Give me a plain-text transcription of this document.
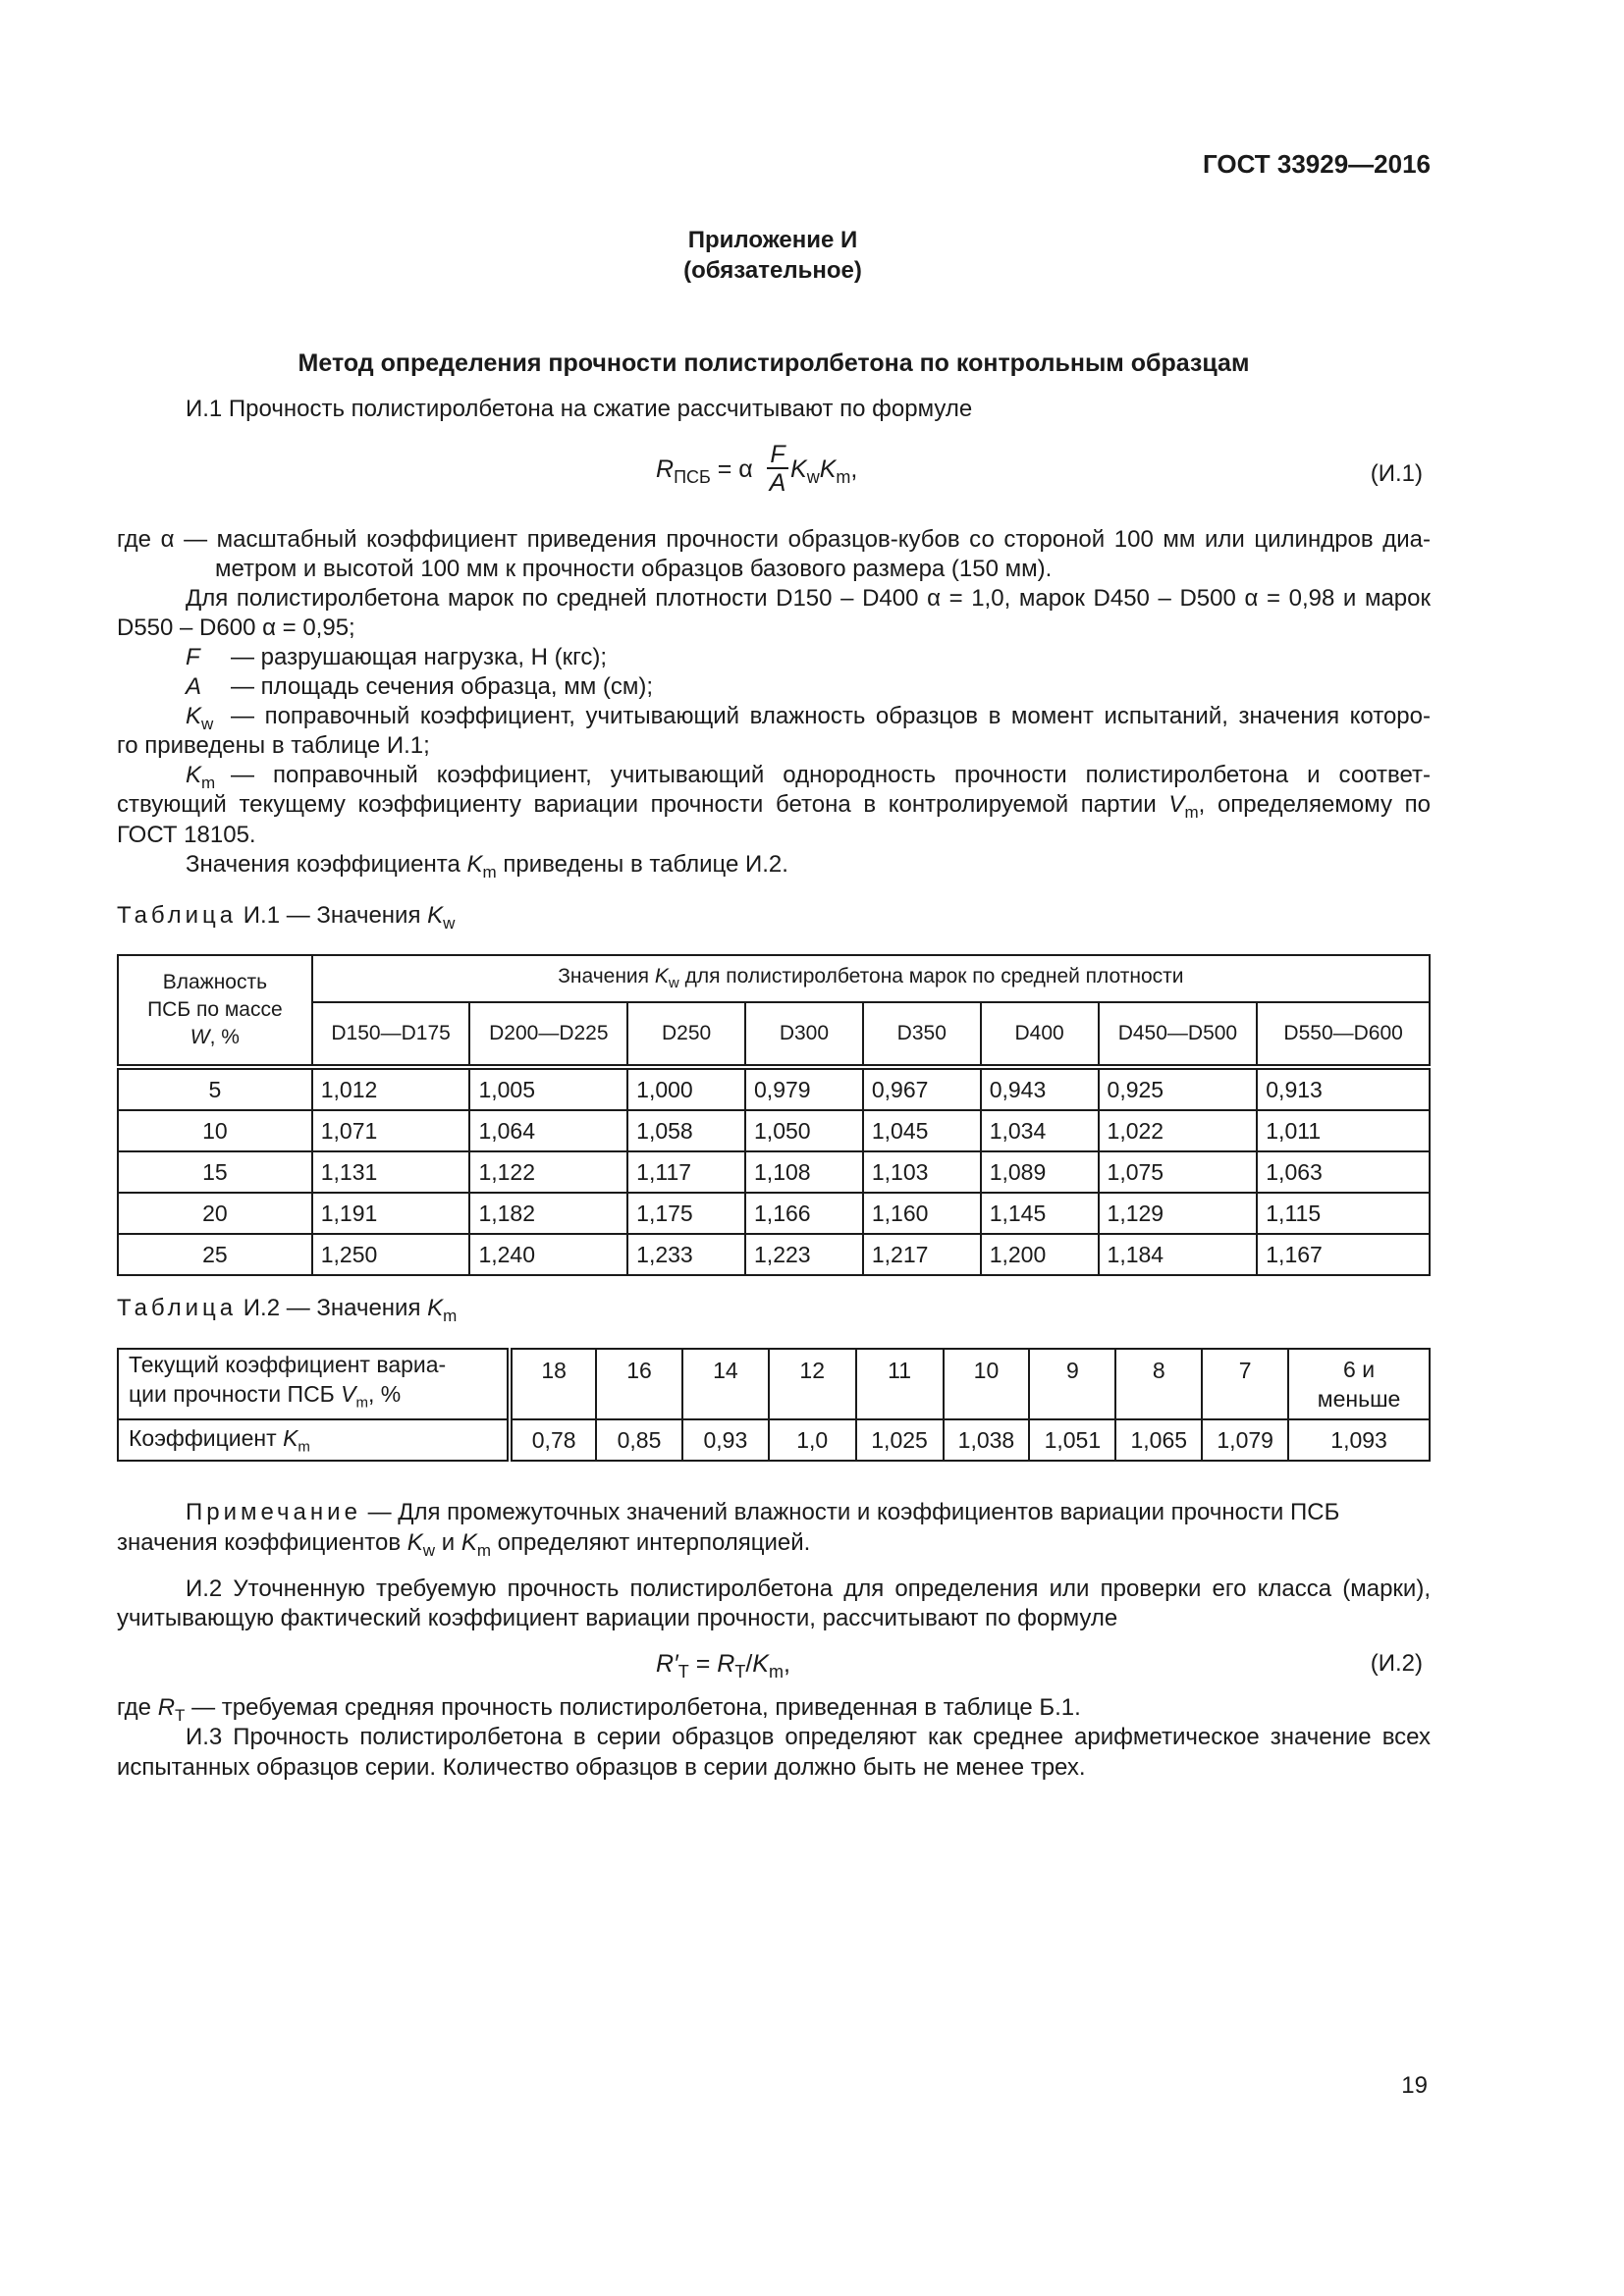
ГОСТ 33929—2016
Приложение И
(обязательное)
Метод определения прочности полистиролбетона по контрольным образцам
И.1 Прочность полистиролбетона на сжатие рассчитывают по формуле
$R_{ПСБ} = \alpha$
F
A $K_wK_m$,	(И.1)
где α — масштабный коэффициент приведения прочности образцов-кубов со стороной 100 мм или цилиндров диа-
метром и высотой 100 мм к прочности образцов базового размера (150 мм).
Для полистиролбетона марок по средней плотности D150 – D400 α = 1,0, марок D450 – D500 α = 0,98 и марок
D550 – D600 α = 0,95;
F — разрушающая нагрузка, Н (кгс);
A — площадь сечения образца, мм (см);
$K_w$ — поправочный коэффициент, учитывающий влажность образцов в момент испытаний, значения которо-
го приведены в таблице И.1;
$K_m$ — поправочный коэффициент, учитывающий однородность прочности полистиролбетона и соответ-
ствующий текущему коэффициенту вариации прочности бетона в контролируемой партии $V_m$, определяемому по
ГОСТ 18105.
Значения коэффициента $K_m$ приведены в таблице И.2.
Таблица И.1 — Значения $K_w$
Влажность
ПСБ по массе
W, %	Значения $K_w$ для полистиролбетона марок по средней плотности							
	D150—D175	D200—D225	D250	D300	D350	D400	D450—D500	D550—D600
5	1,012	1,005	1,000	0,979	0,967	0,943	0,925	0,913
10	1,071	1,064	1,058	1,050	1,045	1,034	1,022	1,011
15	1,131	1,122	1,117	1,108	1,103	1,089	1,075	1,063
20	1,191	1,182	1,175	1,166	1,160	1,145	1,129	1,115
25	1,250	1,240	1,233	1,223	1,217	1,200	1,184	1,167
Таблица И.2 — Значения $K_m$
Текущий коэффициент вариа-
ции прочности ПСБ $V_m$, %	18	16	14	12	11	10	9	8	7	6 и
меньше
Коэффициент $K_m$	0,78	0,85	0,93	1,0	1,025	1,038	1,051	1,065	1,079	1,093
Примечание — Для промежуточных значений влажности и коэффициентов вариации прочности ПСБ
значения коэффициентов $K_w$ и $K_m$ определяют интерполяцией.
И.2 Уточненную требуемую прочность полистиролбетона для определения или проверки его класса (марки),
учитывающую фактический коэффициент вариации прочности, рассчитывают по формуле
$R'_T = R_T/K_m$,	(И.2)
где $R_T$ — требуемая средняя прочность полистиролбетона, приведенная в таблице Б.1.
И.3 Прочность полистиролбетона в серии образцов определяют как среднее арифметическое значение всех
испытанных образцов серии. Количество образцов в серии должно быть не менее трех.
19
